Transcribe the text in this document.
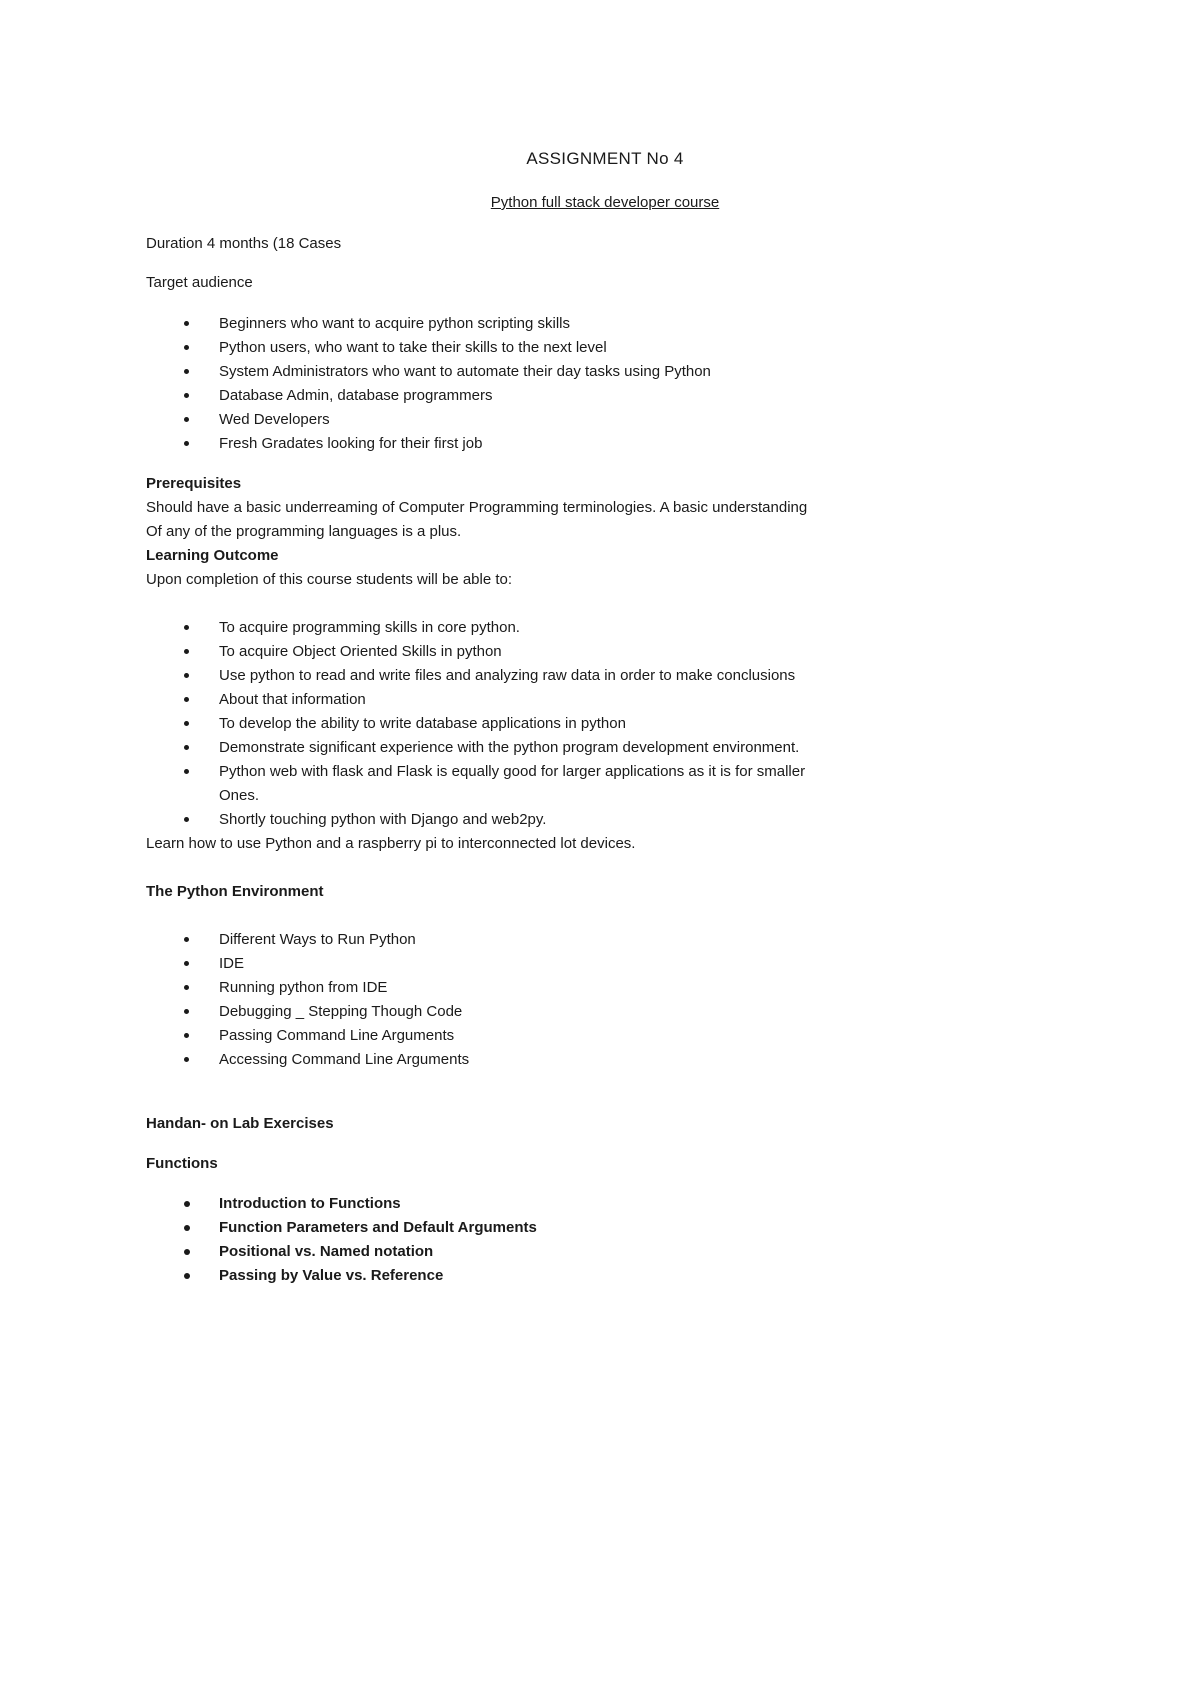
ASSIGNMENT No 4
Python full stack developer course
Duration 4 months (18 Cases
Target audience
Beginners who want to acquire python scripting skills
Python users, who want to take their skills to the next level
System Administrators who want to automate their day tasks using Python
Database Admin, database programmers
Wed Developers
Fresh Gradates looking for their first job
Prerequisites
Should have a basic underreaming of Computer Programming terminologies. A basic understanding
Of any of the programming languages is a plus.
Learning Outcome
Upon completion of this course students will be able to:
To acquire programming skills in core python.
To acquire Object Oriented Skills in python
Use python to read and write files and analyzing raw data in order to make conclusions
About that information
To develop the ability to write database applications in python
Demonstrate significant experience with the python program development environment.
Python web with flask and Flask is equally good for larger applications as it is for smaller
Ones.
Shortly touching python with Django and web2py.
Learn how to use Python and a raspberry pi to interconnected lot devices.
The Python Environment
Different Ways to Run Python
IDE
Running python from IDE
Debugging _ Stepping Though Code
Passing Command Line Arguments
Accessing Command Line Arguments
Handan- on Lab Exercises
Functions
Introduction to Functions
Function Parameters and Default Arguments
Positional vs. Named notation
Passing by Value vs. Reference
